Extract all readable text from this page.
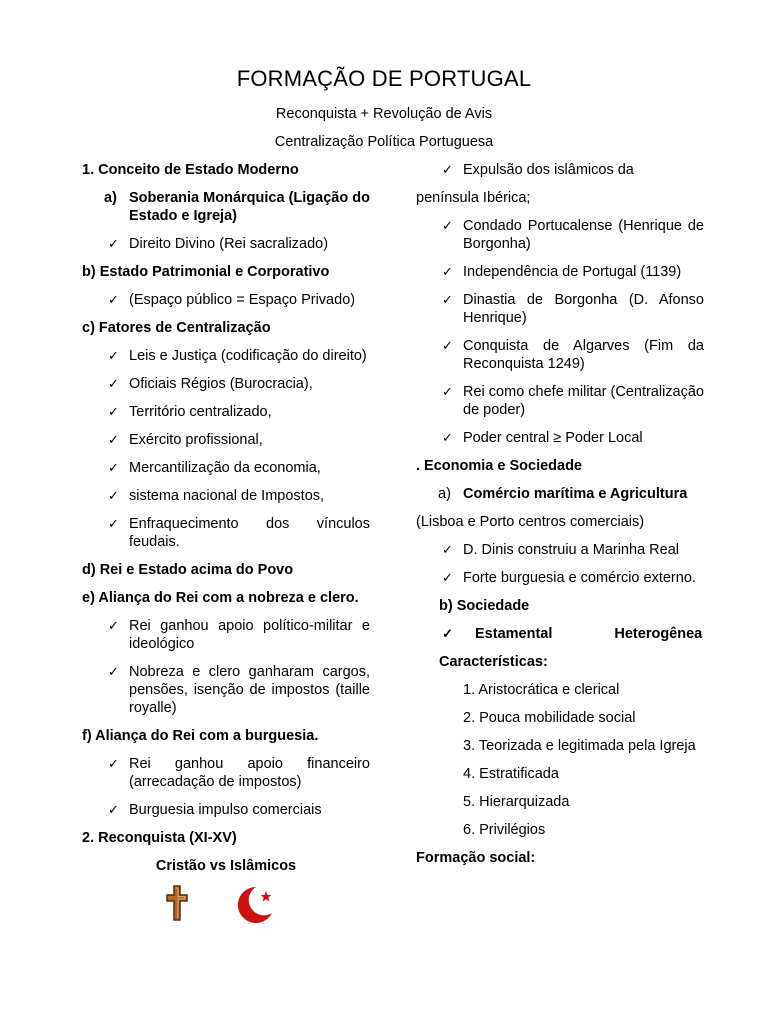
FORMAÇÃO DE PORTUGAL
Reconquista + Revolução de Avis
Centralização Política Portuguesa
1. Conceito de Estado Moderno
a) Soberania Monárquica (Ligação do Estado e Igreja)
✓ Direito Divino (Rei sacralizado)
b) Estado Patrimonial e Corporativo
✓ (Espaço público = Espaço Privado)
c) Fatores de Centralização
✓ Leis e Justiça (codificação do direito)
✓ Oficiais Régios (Burocracia),
✓ Território centralizado,
✓ Exército profissional,
✓ Mercantilização da economia,
✓ sistema nacional de Impostos,
✓ Enfraquecimento dos vínculos feudais.
d) Rei e Estado acima do Povo
e) Aliança do Rei com a nobreza e clero.
✓ Rei ganhou apoio político-militar e ideológico
✓ Nobreza e clero ganharam cargos, pensões, isenção de impostos (taille royalle)
f) Aliança do Rei com a burguesia.
✓ Rei ganhou apoio financeiro (arrecadação de impostos)
✓ Burguesia impulso comerciais
2. Reconquista (XI-XV)
Cristão vs Islâmicos
✓ Expulsão dos islâmicos da
península Ibérica;
✓ Condado Portucalense (Henrique de Borgonha)
✓ Independência de Portugal (1139)
✓ Dinastia de Borgonha (D. Afonso Henrique)
✓ Conquista de Algarves (Fim da Reconquista 1249)
✓ Rei como chefe militar (Centralização de poder)
✓ Poder central ≥ Poder Local
. Economia e Sociedade
a) Comércio marítima e Agricultura
(Lisboa e Porto centros comerciais)
✓ D. Dinis construiu a Marinha Real
✓ Forte burguesia e comércio externo.
b) Sociedade
✓ Estamental Heterogênea
Características:
1. Aristocrática e clerical
2. Pouca mobilidade social
3. Teorizada e legitimada pela Igreja
4. Estratificada
5. Hierarquizada
6. Privilégios
Formação social:
